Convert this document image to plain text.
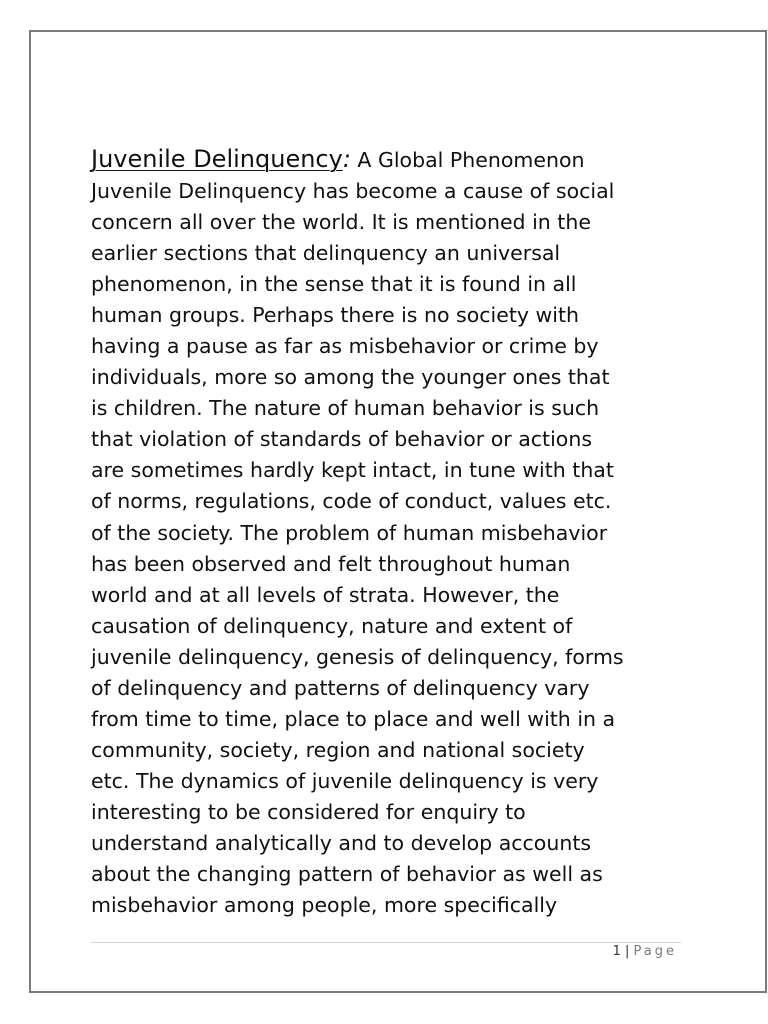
Juvenile Delinquency: A Global Phenomenon
Juvenile Delinquency has become a cause of social
concern all over the world. It is mentioned in the
earlier sections that delinquency an universal
phenomenon, in the sense that it is found in all
human groups. Perhaps there is no society with
having a pause as far as misbehavior or crime by
individuals, more so among the younger ones that
is children. The nature of human behavior is such
that violation of standards of behavior or actions
are sometimes hardly kept intact, in tune with that
of norms, regulations, code of conduct, values etc.
of the society. The problem of human misbehavior
has been observed and felt throughout human
world and at all levels of strata. However, the
causation of delinquency, nature and extent of
juvenile delinquency, genesis of delinquency, forms
of delinquency and patterns of delinquency vary
from time to time, place to place and well with in a
community, society, region and national society
etc. The dynamics of juvenile delinquency is very
interesting to be considered for enquiry to
understand analytically and to develop accounts
about the changing pattern of behavior as well as
misbehavior among people, more specifically
1 | Page
